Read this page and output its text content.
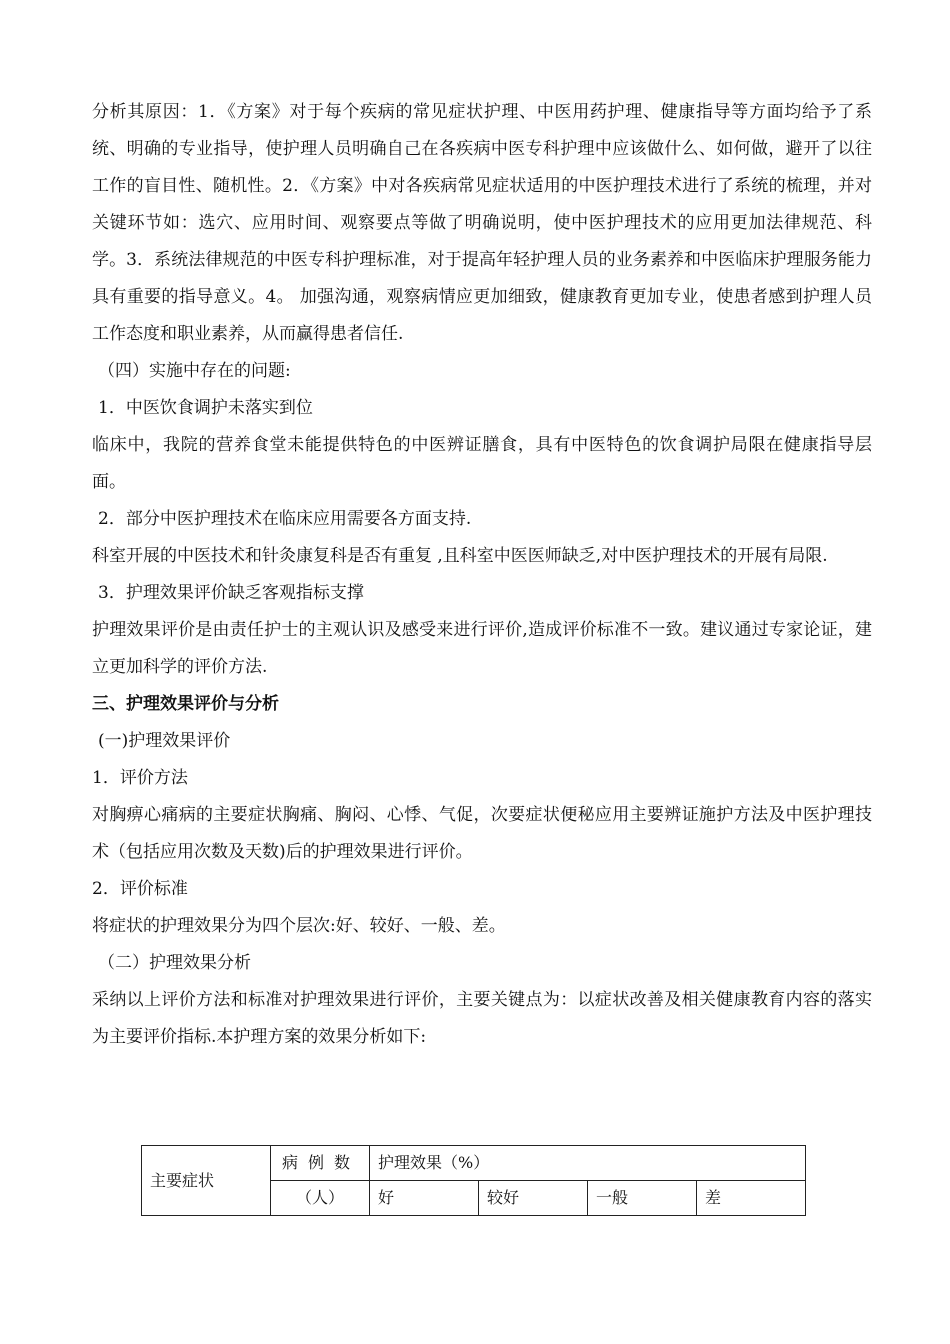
分析其原因：1．《方案》对于每个疾病的常见症状护理、中医用药护理、健康指导等方面均给予了系统、明确的专业指导，使护理人员明确自己在各疾病中医专科护理中应该做什么、如何做，避开了以往工作的盲目性、随机性。2．《方案》中对各疾病常见症状适用的中医护理技术进行了系统的梳理，并对关键环节如：选穴、应用时间、观察要点等做了明确说明，使中医护理技术的应用更加法律规范、科学。3．系统法律规范的中医专科护理标准，对于提高年轻护理人员的业务素养和中医临床护理服务能力具有重要的指导意义。4。 加强沟通，观察病情应更加细致，健康教育更加专业，使患者感到护理人员工作态度和职业素养，从而赢得患者信任.

（四）实施中存在的问题:

1．中医饮食调护未落实到位

临床中，我院的营养食堂未能提供特色的中医辨证膳食，具有中医特色的饮食调护局限在健康指导层面。

2．部分中医护理技术在临床应用需要各方面支持.

科室开展的中医技术和针灸康复科是否有重复 ,且科室中医医师缺乏,对中医护理技术的开展有局限.

3．护理效果评价缺乏客观指标支撑

护理效果评价是由责任护士的主观认识及感受来进行评价,造成评价标准不一致。建议通过专家论证，建立更加科学的评价方法.

三、护理效果评价与分析

(一)护理效果评价

1．评价方法

对胸痹心痛病的主要症状胸痛、胸闷、心悸、气促，次要症状便秘应用主要辨证施护方法及中医护理技术（包括应用次数及天数)后的护理效果进行评价。

2．评价标准

将症状的护理效果分为四个层次:好、较好、一般、差。

（二）护理效果分析

采纳以上评价方法和标准对护理效果进行评价，主要关键点为：以症状改善及相关健康教育内容的落实为主要评价指标.本护理方案的效果分析如下:

主要症状	病例数	护理效果（%）			
	（人）	好	较好	一般	差
